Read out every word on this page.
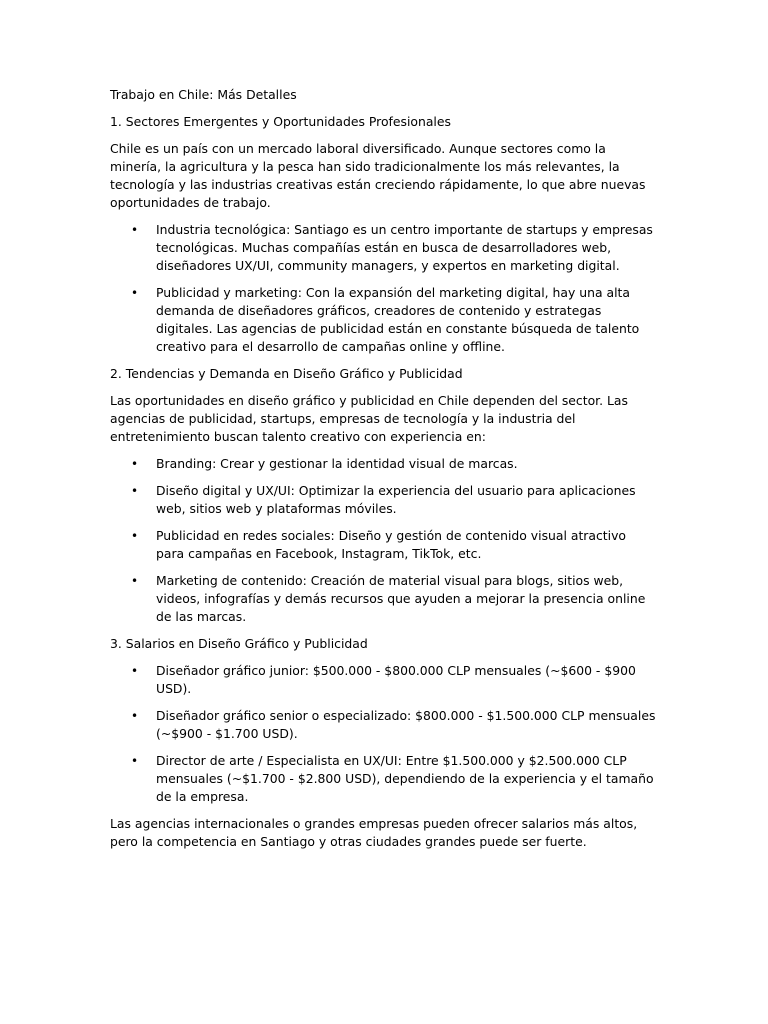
Trabajo en Chile: Más Detalles

1. Sectores Emergentes y Oportunidades Profesionales

Chile es un país con un mercado laboral diversificado. Aunque sectores como la minería, la agricultura y la pesca han sido tradicionalmente los más relevantes, la tecnología y las industrias creativas están creciendo rápidamente, lo que abre nuevas oportunidades de trabajo.

• Industria tecnológica: Santiago es un centro importante de startups y empresas tecnológicas. Muchas compañías están en busca de desarrolladores web, diseñadores UX/UI, community managers, y expertos en marketing digital.
• Publicidad y marketing: Con la expansión del marketing digital, hay una alta demanda de diseñadores gráficos, creadores de contenido y estrategas digitales. Las agencias de publicidad están en constante búsqueda de talento creativo para el desarrollo de campañas online y offline.

2. Tendencias y Demanda en Diseño Gráfico y Publicidad

Las oportunidades en diseño gráfico y publicidad en Chile dependen del sector. Las agencias de publicidad, startups, empresas de tecnología y la industria del entretenimiento buscan talento creativo con experiencia en:

• Branding: Crear y gestionar la identidad visual de marcas.
• Diseño digital y UX/UI: Optimizar la experiencia del usuario para aplicaciones web, sitios web y plataformas móviles.
• Publicidad en redes sociales: Diseño y gestión de contenido visual atractivo para campañas en Facebook, Instagram, TikTok, etc.
• Marketing de contenido: Creación de material visual para blogs, sitios web, videos, infografías y demás recursos que ayuden a mejorar la presencia online de las marcas.

3. Salarios en Diseño Gráfico y Publicidad

• Diseñador gráfico junior: $500.000 - $800.000 CLP mensuales (~$600 - $900 USD).
• Diseñador gráfico senior o especializado: $800.000 - $1.500.000 CLP mensuales (~$900 - $1.700 USD).
• Director de arte / Especialista en UX/UI: Entre $1.500.000 y $2.500.000 CLP mensuales (~$1.700 - $2.800 USD), dependiendo de la experiencia y el tamaño de la empresa.

Las agencias internacionales o grandes empresas pueden ofrecer salarios más altos, pero la competencia en Santiago y otras ciudades grandes puede ser fuerte.
